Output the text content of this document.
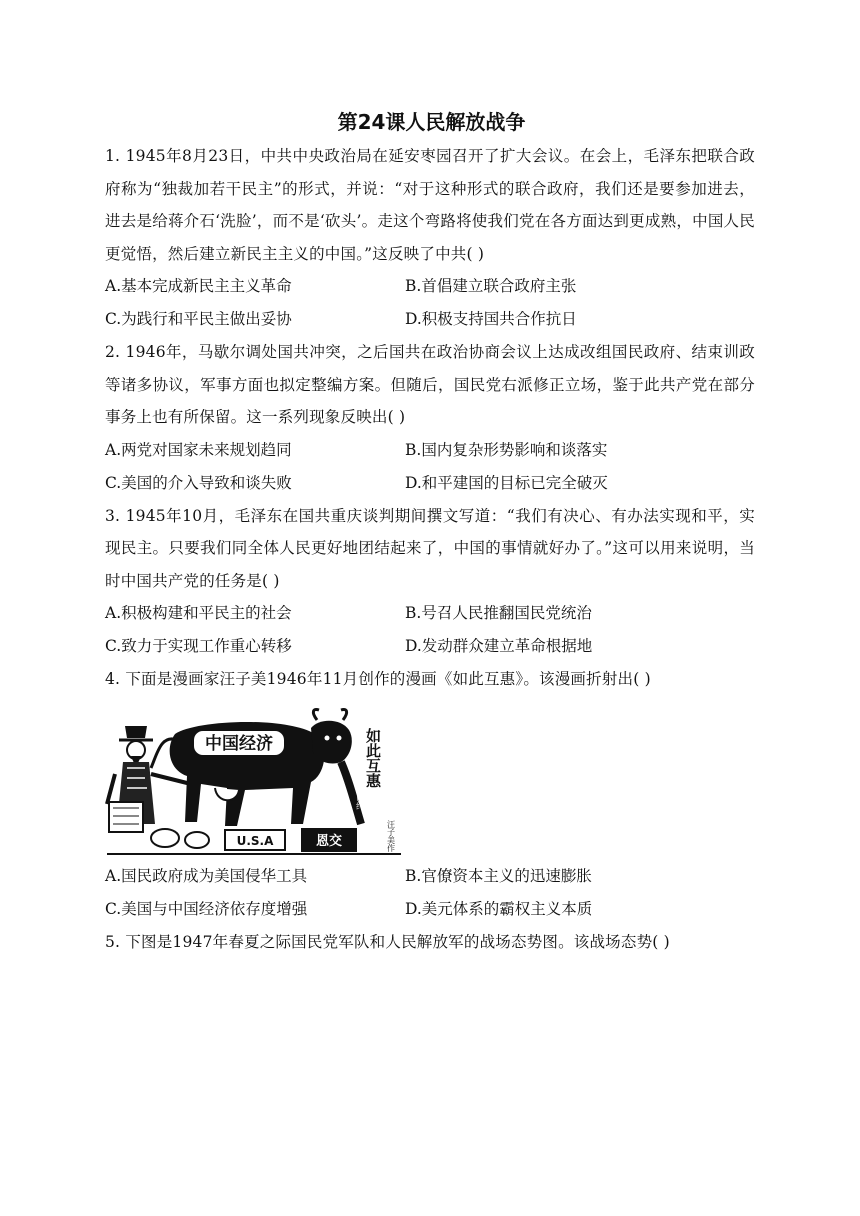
第24课人民解放战争

1. 1945年8月23日，中共中央政治局在延安枣园召开了扩大会议。在会上，毛泽东把联合政府称为“独裁加若干民主”的形式，并说：“对于这种形式的联合政府，我们还是要参加进去，进去是给蒋介石‘洗脸’，而不是‘砍头’。走这个弯路将使我们党在各方面达到更成熟，中国人民更觉悟，然后建立新民主主义的中国。”这反映了中共( )

A.基本完成新民主主义革命	B.首倡建立联合政府主张
C.为践行和平民主做出妥协	D.积极支持国共合作抗日

2. 1946年，马歇尔调处国共冲突，之后国共在政治协商会议上达成改组国民政府、结束训政等诸多协议，军事方面也拟定整编方案。但随后，国民党右派修正立场，鉴于此共产党在部分事务上也有所保留。这一系列现象反映出( )

A.两党对国家未来规划趋同	B.国内复杂形势影响和谈落实
C.美国的介入导致和谈失败	D.和平建国的目标已完全破灭

3. 1945年10月，毛泽东在国共重庆谈判期间撰文写道：“我们有决心、有办法实现和平，实现民主。只要我们同全体人民更好地团结起来了，中国的事情就好办了。”这可以用来说明，当时中国共产党的任务是( )

A.积极构建和平民主的社会	B.号召人民推翻国民党统治
C.致力于实现工作重心转移	D.发动群众建立革命根据地

4. 下面是漫画家汪子美1946年11月创作的漫画《如此互惠》。该漫画折射出( )

中国经济	如此互惠
商约
U.S.A	恩交	汪子美作
A.国民政府成为美国侵华工具	B.官僚资本主义的迅速膨胀
C.美国与中国经济依存度增强	D.美元体系的霸权主义本质

5. 下图是1947年春夏之际国民党军队和人民解放军的战场态势图。该战场态势( )
